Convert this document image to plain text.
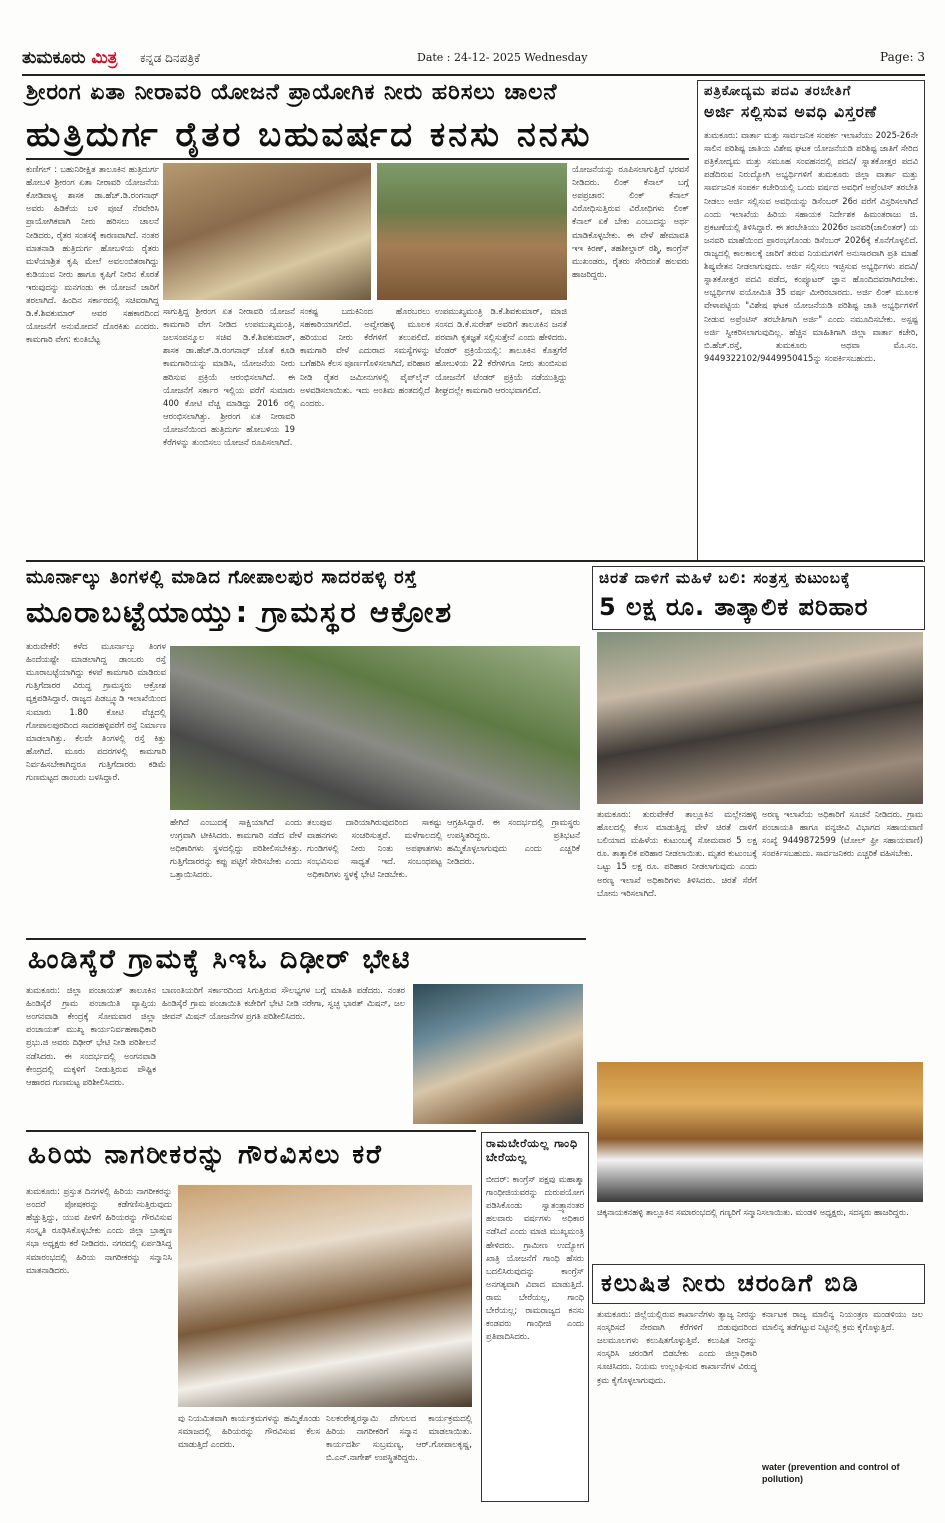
ತುಮಕೂರು ಮಿತ್ರ ಕನ್ನಡ ದಿನಪತ್ರಿಕೆ	Date : 24-12- 2025 Wednesday	Page: 3
ಶ್ರೀರಂಗ ಏತಾ ನೀರಾವರಿ ಯೋಜನೆ ಪ್ರಾಯೋಗಿಕ ನೀರು ಹರಿಸಲು ಚಾಲನೆ
ಹುತ್ರಿದುರ್ಗ ರೈತರ ಬಹುವರ್ಷದ ಕನಸು ನನಸು
ಕುಣಿಗಲ್ : ಬಹುನಿರೀಕ್ಷಿತ ತಾಲೂಕಿನ ಹುತ್ರಿದುರ್ಗ ಹೋಬಳಿ ಶ್ರೀರಂಗ ಏತಾ ನೀರಾವರಿ ಯೋಜನೆಯ ಕೋಡಿಪಾಳ್ಯ ಶಾಸಕ ಡಾ.ಹೆಚ್.ಡಿ.ರಂಗನಾಥ್ ಅವರು ಹಿಡಿಕೆಯ ಬಳಿ ಪೂಜೆ ನೆರವೇರಿಸಿ ಪ್ರಾಯೋಗಿಕವಾಗಿ ನೀರು ಹರಿಸಲು ಚಾಲನೆ ನೀಡಿದರು, ರೈತರ ಸಂತಸಕ್ಕೆ ಕಾರಣವಾಗಿದೆ. ನಂತರ ಮಾತನಾಡಿ ಹುತ್ರಿದುರ್ಗ ಹೋಬಳಿಯ ರೈತರು ಮಳೆಯಾಶ್ರಿತ ಕೃಷಿ ಮೇಲೆ ಅವಲಂಬಿತರಾಗಿದ್ದು ಕುಡಿಯುವ ನೀರು ಹಾಗೂ ಕೃಷಿಗೆ ನೀರಿನ ಕೊರತೆ ಇರುವುದನ್ನು ಮನಗಂಡು ಈ ಯೋಜನೆ ಜಾರಿಗೆ ತರಲಾಗಿದೆ. ಹಿಂದಿನ ಸರ್ಕಾರದಲ್ಲಿ ಸಚಿವರಾಗಿದ್ದ ಡಿ.ಕೆ.ಶಿವಕುಮಾರ್ ಅವರ ಸಹಕಾರದಿಂದ ಯೋಜನೆಗೆ ಅನುಮೋದನೆ ದೊರಕಿತು ಎಂದರು. ಕಾಮಗಾರಿ ವೇಗ: ಕುಂತಿಬೆಟ್ಟ
ಸಾಗುತ್ತಿದ್ದ ಶ್ರೀರಂಗ ಏತ ನೀರಾವರಿ ಯೋಜನೆ ಕಾಮಗಾರಿ ವೇಗ ನೀಡಿದ ಉಪಮುಖ್ಯಮಂತ್ರಿ, ಜಲಸಂಪನ್ಮೂಲ ಸಚಿವ ಡಿ.ಕೆ.ಶಿವಕುಮಾರ್, ಶಾಸಕ ಡಾ.ಹೆಚ್.ಡಿ.ರಂಗನಾಥ್ ಜೊತೆ ಕೂಡಿ ಕಾಮಗಾರಿಯನ್ನು ಮಾಡಿಸಿ, ಯೋಜನೆಯ ನೀರು ಹರಿಸುವ ಪ್ರಕ್ರಿಯೆ ಆರಂಭಿಸಲಾಗಿದೆ. ಈ ಯೋಜನೆಗೆ ಸರ್ಕಾರ ಇಲ್ಲಿಯ ವರೆಗೆ ಸುಮಾರು 400 ಕೋಟಿ ವೆಚ್ಚ ಮಾಡಿದ್ದು 2016 ರಲ್ಲಿ ಆರಂಭಿಸಲಾಗಿತ್ತು. ಶ್ರೀರಂಗ ಏತ ನೀರಾವರಿ ಯೋಜನೆಯಿಂದ ಹುತ್ರಿದುರ್ಗ ಹೋಬಳಿಯ 19 ಕೆರೆಗಳನ್ನು ತುಂಬಿಸಲು ಯೋಜನೆ ರೂಪಿಸಲಾಗಿದೆ.
ಸಂಕಷ್ಟ ಬದುಕಿನಿಂದ ಹೊರಬರಲು ಸಹಕಾರಿಯಾಗಲಿದೆ. ಅವ್ವೇರಹಳ್ಳಿ ಮೂಲಕ ಹರಿಯುವ ನೀರು ಕೆರೆಗಳಿಗೆ ತಲುಪಲಿದೆ. ಕಾಮಗಾರಿ ವೇಳೆ ಎದುರಾದ ಸಮಸ್ಯೆಗಳನ್ನು ಬಗೆಹರಿಸಿ ಕೆಲಸ ಪೂರ್ಣಗೊಳಿಸಲಾಗಿದೆ, ಪರಿಹಾರ ನೀಡಿ ರೈತರ ಜಮೀನುಗಳಲ್ಲಿ ಪೈಪ್‌ಲೈನ್ ಅಳವಡಿಸಲಾಯಿತು. ಇದು ಅಂತಿಮ ಹಂತದಲ್ಲಿದೆ ಎಂದರು.
ಉಪಮುಖ್ಯಮಂತ್ರಿ ಡಿ.ಕೆ.ಶಿವಕುಮಾರ್, ಮಾಜಿ ಸಂಸದ ಡಿ.ಕೆ.ಸುರೇಶ್ ಅವರಿಗೆ ತಾಲೂಕಿನ ಜನತೆ ಪರವಾಗಿ ಕೃತಜ್ಞತೆ ಸಲ್ಲಿಸುತ್ತೇನೆ ಎಂದು ಹೇಳಿದರು. ಟೆಂಡರ್ ಪ್ರಕ್ರಿಯೆಯಲ್ಲಿ: ತಾಲೂಕಿನ ಕೊತ್ತಗೆರೆ ಹೋಬಳಿಯ 22 ಕೆರೆಗಳಿಗೂ ನೀರು ತುಂಬಿಸುವ ಯೋಜನೆಗೆ ಟೆಂಡರ್ ಪ್ರಕ್ರಿಯೆ ನಡೆಯುತ್ತಿದ್ದು ಶೀಘ್ರದಲ್ಲೇ ಕಾಮಗಾರಿ ಆರಂಭವಾಗಲಿದೆ.
ಯೋಜನೆಯನ್ನು ರೂಪಿಸಲಾಗುತ್ತಿದೆ ಭರವಸೆ ನೀಡಿದರು. ಲಿಂಕ್ ಕೆನಾಲ್ ಬಗ್ಗೆ ಅಪಪ್ರಚಾರ: ಲಿಂಕ್ ಕೆನಾಲ್ ವಿರೋಧಿಸುತ್ತಿರುವ ವಿರೋಧಿಗಳು ಲಿಂಕ್ ಕೆನಾಲ್ ಏಕೆ ಬೇಕು ಎಂಬುದನ್ನು ಅರ್ಥ ಮಾಡಿಕೊಳ್ಳಬೇಕು. ಈ ವೇಳೆ ಹೇಮಾವತಿ ಇಇ ಕಿರಣ್, ತಹಶೀಲ್ದಾರ್ ರಶ್ಮಿ, ಕಾಂಗ್ರೆಸ್ ಮುಖಂಡರು, ರೈತರು ಸೇರಿದಂತೆ ಹಲವರು ಹಾಜರಿದ್ದರು.
ಪತ್ರಿಕೋದ್ಯಮ ಪದವಿ ತರಬೇತಿಗೆ
ಅರ್ಜಿ ಸಲ್ಲಿಸುವ ಅವಧಿ ವಿಸ್ತರಣೆ
ತುಮಕೂರು: ವಾರ್ತಾ ಮತ್ತು ಸಾರ್ವಜನಿಕ ಸಂಪರ್ಕ ಇಲಾಖೆಯು 2025-26ನೇ ಸಾಲಿನ ಪರಿಶಿಷ್ಟ ಜಾತಿಯ ವಿಶೇಷ ಘಟಕ ಯೋಜನೆಯಡಿ ಪರಿಶಿಷ್ಟ ಜಾತಿಗೆ ಸೇರಿದ ಪತ್ರಿಕೋದ್ಯಮ ಮತ್ತು ಸಮೂಹ ಸಂವಹನದಲ್ಲಿ ಪದವಿ/ ಸ್ನಾತಕೋತ್ತರ ಪದವಿ ಪಡೆದಿರುವ ನಿರುದ್ಯೋಗಿ ಅಭ್ಯರ್ಥಿಗಳಿಗೆ ತುಮಕೂರು ಜಿಲ್ಲಾ ವಾರ್ತಾ ಮತ್ತು ಸಾರ್ವಜನಿಕ ಸಂಪರ್ಕ ಕಚೇರಿಯಲ್ಲಿ ಒಂದು ವರ್ಷದ ಅವಧಿಗೆ ಅಪ್ರೆಂಟಿಸ್ ತರಬೇತಿ ನೀಡಲು ಅರ್ಜಿ ಸಲ್ಲಿಸುವ ಅವಧಿಯನ್ನು ಡಿಸೆಂಬರ್ 26ರ ವರೆಗೆ ವಿಸ್ತರಿಸಲಾಗಿದೆ ಎಂದು ಇಲಾಖೆಯ ಹಿರಿಯ ಸಹಾಯಕ ನಿರ್ದೇಶಕ ಹಿಮಂತರಾಜು ಜಿ. ಪ್ರಕಟಣೆಯಲ್ಲಿ ತಿಳಿಸಿದ್ದಾರೆ. ಈ ತರಬೇತಿಯು 2026ರ ಜನವರಿ(ಜಾಲಿಂತರ್) ಯ ಜನವರಿ ಮಾಹೆಯಿಂದ ಪ್ರಾರಂಭಗೊಂಡು ಡಿಸೆಂಬರ್ 2026ಕ್ಕೆ ಕೊನೆಗೊಳ್ಳಲಿದೆ. ರಾಜ್ಯದಲ್ಲಿ ಕಾಲಕಾಲಕ್ಕೆ ಜಾರಿಗೆ ತರುವ ನಿಯಮಗಳಿಗೆ ಅನುಸಾರವಾಗಿ ಪ್ರತಿ ಮಾಹೆ ಶಿಷ್ಯವೇತನ ನೀಡಲಾಗುವುದು. ಅರ್ಜಿ ಸಲ್ಲಿಸಲು ಇಚ್ಛಿಸುವ ಅಭ್ಯರ್ಥಿಗಳು ಪದವಿ/ಸ್ನಾತಕೋತ್ತರ ಪದವಿ ಪಡೆದ, ಕಂಪ್ಯೂಟರ್ ಜ್ಞಾನ ಹೊಂದಿದವರಾಗಿರಬೇಕು. ಅಭ್ಯರ್ಥಿಗಳ ವಯೋಮಿತಿ 35 ವರ್ಷ ಮೀರಿರಬಾರದು. ಅರ್ಜಿ ಲಿಂಕ್ ಮೂಲಕ ವೇಳಾಪಟ್ಟಿಯ "ವಿಶೇಷ ಘಟಕ ಯೋಜನೆಯಡಿ ಪರಿಶಿಷ್ಟ ಜಾತಿ ಅಭ್ಯರ್ಥಿಗಳಿಗೆ ನೀಡುವ ಅಪ್ರೆಂಟಿಸ್ ತರಬೇತಿಗಾಗಿ ಅರ್ಜಿ" ಎಂದು ನಮೂದಿಸಬೇಕು. ಅಸ್ಪಷ್ಟ ಅರ್ಜಿ ಸ್ವೀಕರಿಸಲಾಗುವುದಿಲ್ಲ. ಹೆಚ್ಚಿನ ಮಾಹಿತಿಗಾಗಿ ಜಿಲ್ಲಾ ವಾರ್ತಾ ಕಚೇರಿ, ಬಿ.ಹೆಚ್.ರಸ್ತೆ, ತುಮಕೂರು ಅಥವಾ ಮೊ.ಸಂ. 9449322102/9449950415ನ್ನು ಸಂಪರ್ಕಿಸಬಹುದು.
ಮೂರ್ನಾಲ್ಕು ತಿಂಗಳಲ್ಲಿ ಮಾಡಿದ ಗೋಪಾಲಪುರ ಸಾದರಹಳ್ಳಿ ರಸ್ತೆ
ಮೂರಾಬಟ್ಟೆಯಾಯ್ತು: ಗ್ರಾಮಸ್ಥರ ಆಕ್ರೋಶ
ತುರುವೇಕೆರೆ: ಕಳೆದ ಮೂರ್ನಾಲ್ಕು ತಿಂಗಳ ಹಿಂದೆಯಷ್ಟೇ ಮಾಡಲಾಗಿದ್ದ ಡಾಂಬರು ರಸ್ತೆ ಮೂರಾಬಟ್ಟೆಯಾಗಿದ್ದು ಕಳಪೆ ಕಾಮಗಾರಿ ಮಾಡಿರುವ ಗುತ್ತಿಗೆದಾರರ ವಿರುದ್ಧ ಗ್ರಾಮಸ್ಥರು ಆಕ್ರೋಶ ವ್ಯಕ್ತಪಡಿಸಿದ್ದಾರೆ. ರಾಜ್ಯದ ಪಿಡಬ್ಲ್ಯೂಡಿ ಇಲಾಖೆಯಿಂದ ಸುಮಾರು 1.80 ಕೋಟಿ ವೆಚ್ಚದಲ್ಲಿ ಗೋಪಾಲಪುರದಿಂದ ಸಾದರಹಳ್ಳಿವರೆಗೆ ರಸ್ತೆ ನಿರ್ಮಾಣ ಮಾಡಲಾಗಿತ್ತು. ಕೆಲವೇ ತಿಂಗಳಲ್ಲಿ ರಸ್ತೆ ಕಿತ್ತು ಹೋಗಿದೆ. ಮೂರು ಪದರಗಳಲ್ಲಿ ಕಾಮಗಾರಿ ನಿರ್ವಹಿಸಬೇಕಾಗಿದ್ದರೂ ಗುತ್ತಿಗೆದಾರರು ಕಡಿಮೆ ಗುಣಮಟ್ಟದ ಡಾಂಬರು ಬಳಸಿದ್ದಾರೆ.
ಹೇಗಿದೆ ಎಂಬುದಕ್ಕೆ ಸಾಕ್ಷಿಯಾಗಿದೆ ಎಂದು ಉಗ್ರವಾಗಿ ಟೀಕಿಸಿದರು. ಕಾಮಗಾರಿ ನಡೆದ ವೇಳೆ ಅಧಿಕಾರಿಗಳು ಸ್ಥಳದಲ್ಲಿದ್ದು ಪರಿಶೀಲಿಸಬೇಕಿತ್ತು. ಗುತ್ತಿಗೆದಾರರನ್ನು ಕಪ್ಪು ಪಟ್ಟಿಗೆ ಸೇರಿಸಬೇಕು ಎಂದು ಒತ್ತಾಯಿಸಿದರು.
ತಲುಪುವ ದಾರಿಯಾಗಿರುವುದರಿಂದ ಸಾಕಷ್ಟು ವಾಹನಗಳು ಸಂಚರಿಸುತ್ತವೆ. ಮಳೆಗಾಲದಲ್ಲಿ ಗುಂಡಿಗಳಲ್ಲಿ ನೀರು ನಿಂತು ಅಪಘಾತಗಳು ಸಂಭವಿಸುವ ಸಾಧ್ಯತೆ ಇದೆ. ಸಂಬಂಧಪಟ್ಟ ಅಧಿಕಾರಿಗಳು ಸ್ಥಳಕ್ಕೆ ಭೇಟಿ ನೀಡಬೇಕು.
ಆಗ್ರಹಿಸಿದ್ದಾರೆ. ಈ ಸಂದರ್ಭದಲ್ಲಿ ಗ್ರಾಮಸ್ಥರು ಉಪಸ್ಥಿತರಿದ್ದರು. ಪ್ರತಿಭಟನೆ ಹಮ್ಮಿಕೊಳ್ಳಲಾಗುವುದು ಎಂದು ಎಚ್ಚರಿಕೆ ನೀಡಿದರು.
ಚಿರತೆ ದಾಳಿಗೆ ಮಹಿಳೆ ಬಲಿ: ಸಂತ್ರಸ್ತ ಕುಟುಂಬಕ್ಕೆ
5 ಲಕ್ಷ ರೂ. ತಾತ್ಕಾಲಿಕ ಪರಿಹಾರ
ತುಮಕೂರು: ತುರುವೇಕೆರೆ ತಾಲ್ಲೂಕಿನ ಮಲ್ಲೇನಹಳ್ಳಿ ಹೊಲದಲ್ಲಿ ಕೆಲಸ ಮಾಡುತ್ತಿದ್ದ ವೇಳೆ ಚಿರತೆ ದಾಳಿಗೆ ಬಲಿಯಾದ ಮಹಿಳೆಯ ಕುಟುಂಬಕ್ಕೆ ಸೋಮವಾರ 5 ಲಕ್ಷ ರೂ. ತಾತ್ಕಾಲಿಕ ಪರಿಹಾರ ನೀಡಲಾಯಿತು. ಮೃತರ ಕುಟುಂಬಕ್ಕೆ ಒಟ್ಟು 15 ಲಕ್ಷ ರೂ. ಪರಿಹಾರ ನೀಡಲಾಗುವುದು ಎಂದು ಅರಣ್ಯ ಇಲಾಖೆ ಅಧಿಕಾರಿಗಳು ತಿಳಿಸಿದರು. ಚಿರತೆ ಸೆರೆಗೆ ಬೋನು ಇರಿಸಲಾಗಿದೆ.
ಅರಣ್ಯ ಇಲಾಖೆಯ ಅಧಿಕಾರಿಗೆ ಸೂಚನೆ ನೀಡಿದರು. ಗ್ರಾಮ ಪಂಚಾಯತಿ ಹಾಗೂ ವನ್ಯಜೀವಿ ವಿಭಾಗದ ಸಹಾಯವಾಣಿ ಸಂಖ್ಯೆ 9449872599 (ಟೋಲ್ ಫ್ರೀ ಸಹಾಯವಾಣಿ) ಸಂಪರ್ಕಿಸಬಹುದು. ಸಾರ್ವಜನಿಕರು ಎಚ್ಚರಿಕೆ ವಹಿಸಬೇಕು.
ಚಿಕ್ಕನಾಯಕನಹಳ್ಳಿ ತಾಲ್ಲೂಕಿನ ಸಮಾರಂಭದಲ್ಲಿ ಗಣ್ಯರಿಗೆ ಸನ್ಮಾನಿಸಲಾಯಿತು. ಮಂಡಳಿ ಅಧ್ಯಕ್ಷರು, ಸದಸ್ಯರು ಹಾಜರಿದ್ದರು.
ಹಿಂಡಿಸ್ಕೆರೆ ಗ್ರಾಮಕ್ಕೆ ಸಿಇಓ ದಿಢೀರ್ ಭೇಟಿ
ತುಮಕೂರು: ಜಿಲ್ಲಾ ಪಂಚಾಯತ್ ತಾಲೂಕಿನ ಹಿಂಡಿಸ್ಕೆರೆ ಗ್ರಾಮ ಪಂಚಾಯಿತಿ ವ್ಯಾಪ್ತಿಯ ಅಂಗನವಾಡಿ ಕೇಂದ್ರಕ್ಕೆ ಸೋಮವಾರ ಜಿಲ್ಲಾ ಪಂಚಾಯತ್ ಮುಖ್ಯ ಕಾರ್ಯನಿರ್ವಹಣಾಧಿಕಾರಿ ಪ್ರಭು.ಜಿ ಅವರು ದಿಢೀರ್ ಭೇಟಿ ನೀಡಿ ಪರಿಶೀಲನೆ ನಡೆಸಿದರು. ಈ ಸಂದರ್ಭದಲ್ಲಿ ಅಂಗನವಾಡಿ ಕೇಂದ್ರದಲ್ಲಿ ಮಕ್ಕಳಿಗೆ ನೀಡುತ್ತಿರುವ ಪೌಷ್ಟಿಕ ಆಹಾರದ ಗುಣಮಟ್ಟ ಪರಿಶೀಲಿಸಿದರು.
ಬಾಣಂತಿಯರಿಗೆ ಸರ್ಕಾರದಿಂದ ಸಿಗುತ್ತಿರುವ ಸೌಲಭ್ಯಗಳ ಬಗ್ಗೆ ಮಾಹಿತಿ ಪಡೆದರು. ನಂತರ ಹಿಂಡಿಸ್ಕೆರೆ ಗ್ರಾಮ ಪಂಚಾಯಿತಿ ಕಚೇರಿಗೆ ಭೇಟಿ ನೀಡಿ ನರೇಗಾ, ಸ್ವಚ್ಛ ಭಾರತ್ ಮಿಷನ್, ಜಲ ಜೀವನ್ ಮಿಷನ್ ಯೋಜನೆಗಳ ಪ್ರಗತಿ ಪರಿಶೀಲಿಸಿದರು.
ಹಿರಿಯ ನಾಗರೀಕರನ್ನು ಗೌರವಿಸಲು ಕರೆ
ತುಮಕೂರು: ಪ್ರಸ್ತುತ ದಿನಗಳಲ್ಲಿ ಹಿರಿಯ ನಾಗರೀಕರನ್ನು ಅಂದರೆ ಪೋಷಕರನ್ನು ಕಡೆಗಣಿಸುತ್ತಿರುವುದು ಹೆಚ್ಚುತ್ತಿದ್ದು, ಯುವ ಪೀಳಿಗೆ ಹಿರಿಯರನ್ನು ಗೌರವಿಸುವ ಸಂಸ್ಕೃತಿ ರೂಢಿಸಿಕೊಳ್ಳಬೇಕು ಎಂದು ಜಿಲ್ಲಾ ಬ್ರಾಹ್ಮಣ ಸಭಾ ಅಧ್ಯಕ್ಷರು ಕರೆ ನೀಡಿದರು. ನಗರದಲ್ಲಿ ಏರ್ಪಡಿಸಿದ್ದ ಸಮಾರಂಭದಲ್ಲಿ ಹಿರಿಯ ನಾಗರೀಕರನ್ನು ಸನ್ಮಾನಿಸಿ ಮಾತನಾಡಿದರು.
ವು ನಿಯಮಿತವಾಗಿ ಕಾರ್ಯಕ್ರಮಗಳನ್ನು ಹಮ್ಮಿಕೊಂಡು ಸಮಾಜದಲ್ಲಿ ಹಿರಿಯರನ್ನು ಗೌರವಿಸುವ ಕೆಲಸ ಮಾಡುತ್ತಿದೆ ಎಂದರು.
ನಿಲಕಂಠೇಶ್ವರಸ್ವಾಮಿ ದೇಗುಲದ ಕಾರ್ಯಕ್ರಮದಲ್ಲಿ ಹಿರಿಯ ನಾಗರೀಕರಿಗೆ ಸನ್ಮಾನ ಮಾಡಲಾಯಿತು. ಕಾರ್ಯದರ್ಶಿ ಸುಬ್ರಮಣ್ಯ, ಆರ್.ಗೋಪಾಲಕೃಷ್ಣ, ಬಿ.ಎನ್.ನಾಗೇಶ್ ಉಪಸ್ಥಿತರಿದ್ದರು.
ರಾಮಬೇರೆಯಲ್ಲ ಗಾಂಧಿ ಬೇರೆಯಲ್ಲ
ಬೀದರ್: ಕಾಂಗ್ರೆಸ್ ಪಕ್ಷವು ಮಹಾತ್ಮಾ ಗಾಂಧೀಜಿಯವರನ್ನು ದುರುಪಯೋಗ ಪಡಿಸಿಕೊಂಡು ಸ್ವಾತಂತ್ರ್ಯಾನಂತರ ಹಲವಾರು ವರ್ಷಗಳು ಅಧಿಕಾರ ನಡೆಸಿದೆ ಎಂದು ಮಾಜಿ ಮುಖ್ಯಮಂತ್ರಿ ಹೇಳಿದರು. ಗ್ರಾಮೀಣ ಉದ್ಯೋಗ ಖಾತ್ರಿ ಯೋಜನೆಗೆ ಗಾಂಧಿ ಹೆಸರು ಬದಲಿಸಿರುವುದನ್ನು ಕಾಂಗ್ರೆಸ್ ಅನಗತ್ಯವಾಗಿ ವಿವಾದ ಮಾಡುತ್ತಿದೆ. ರಾಮ ಬೇರೆಯಲ್ಲ, ಗಾಂಧಿ ಬೇರೆಯಲ್ಲ; ರಾಮರಾಜ್ಯದ ಕನಸು ಕಂಡವರು ಗಾಂಧೀಜಿ ಎಂದು ಪ್ರತಿಪಾದಿಸಿದರು.
ಕಲುಷಿತ ನೀರು ಚರಂಡಿಗೆ ಬಿಡಿ
ತುಮಕೂರು: ಜಿಲ್ಲೆಯಲ್ಲಿರುವ ಕಾರ್ಖಾನೆಗಳು ತ್ಯಾಜ್ಯ ನೀರನ್ನು ಸಂಸ್ಕರಿಸದೆ ನೇರವಾಗಿ ಕೆರೆಗಳಿಗೆ ಬಿಡುವುದರಿಂದ ಜಲಮೂಲಗಳು ಕಲುಷಿತಗೊಳ್ಳುತ್ತಿವೆ. ಕಲುಷಿತ ನೀರನ್ನು ಸಂಸ್ಕರಿಸಿ ಚರಂಡಿಗೆ ಬಿಡಬೇಕು ಎಂದು ಜಿಲ್ಲಾಧಿಕಾರಿ ಸೂಚಿಸಿದರು. ನಿಯಮ ಉಲ್ಲಂಘಿಸುವ ಕಾರ್ಖಾನೆಗಳ ವಿರುದ್ಧ ಕ್ರಮ ಕೈಗೊಳ್ಳಲಾಗುವುದು.
ಕರ್ನಾಟಕ ರಾಜ್ಯ ಮಾಲಿನ್ಯ ನಿಯಂತ್ರಣ ಮಂಡಳಿಯು ಜಲ ಮಾಲಿನ್ಯ ತಡೆಗಟ್ಟುವ ನಿಟ್ಟಿನಲ್ಲಿ ಕ್ರಮ ಕೈಗೊಳ್ಳುತ್ತಿದೆ.
water (prevention and control of pollution)
